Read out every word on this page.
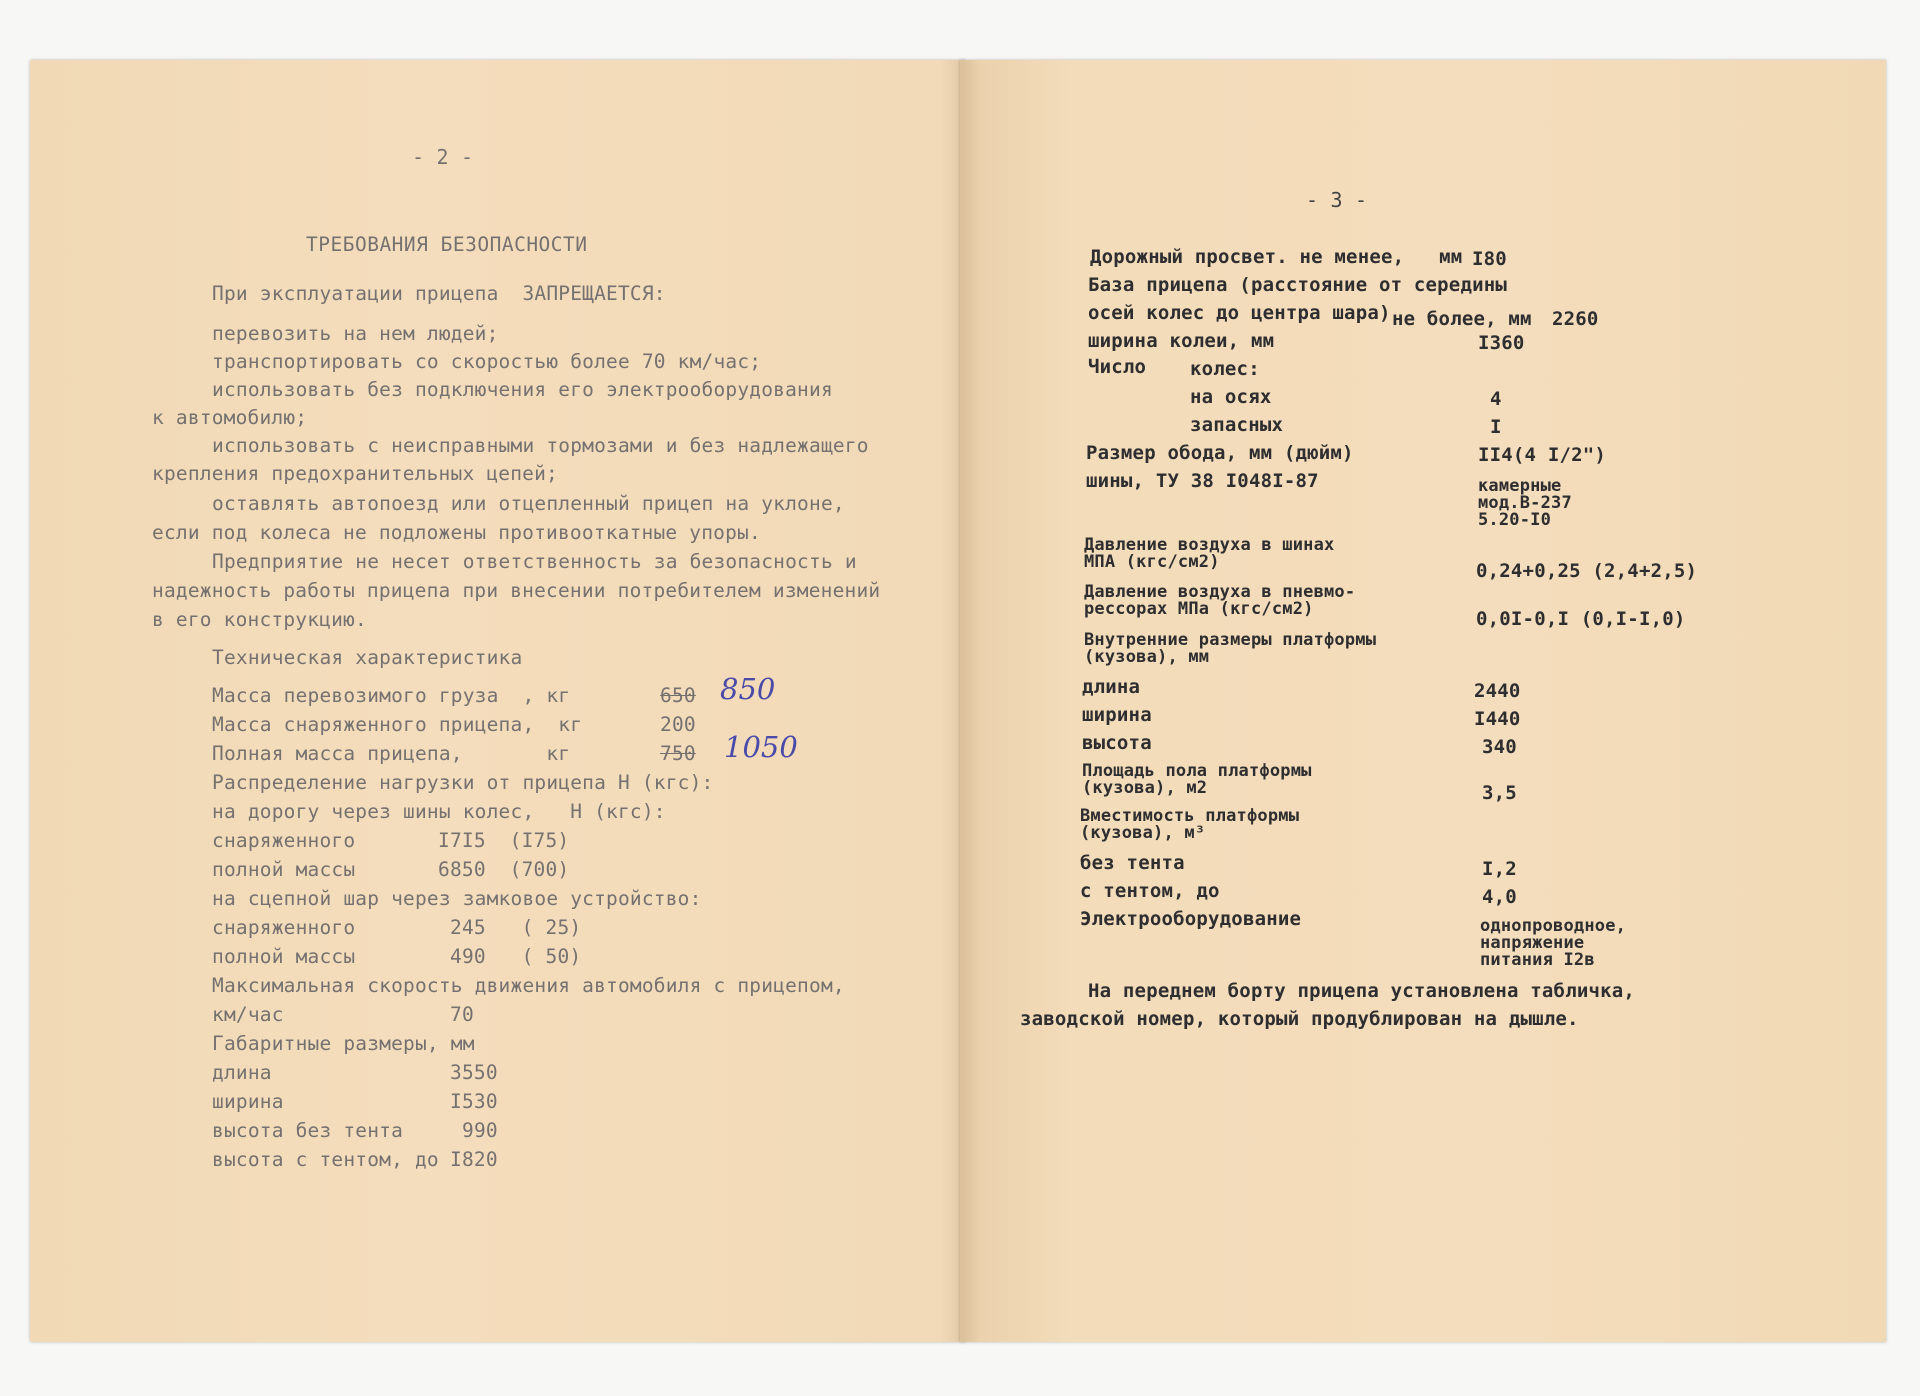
- 2 -
ТРЕБОВАНИЯ БЕЗОПАСНОСТИ
При эксплуатации прицепа  ЗАПРЕЩАЕТСЯ:
перевозить на нем людей;
транспортировать со скоростью более 70 км/час;
использовать без подключения его электрооборудования
к автомобилю;
использовать с неисправными тормозами и без надлежащего
крепления предохранительных цепей;
оставлять автопоезд или отцепленный прицеп на уклоне,
если под колеса не подложены противооткатные упоры.
Предприятие не несет ответственность за безопасность и
надежность работы прицепа при внесении потребителем изменений
в его конструкцию.
Техническая характеристика
Масса перевозимого груза  , кг	650 850
Масса снаряженного прицепа,  кг	200
Полная масса прицепа,       кг	750 1050
Распределение нагрузки от прицепа Н (кгс):
на дорогу через шины колес,   Н (кгс):
снаряженного	I7I5  (I75)
полной массы	6850  (700)
на сцепной шар через замковое устройство:
снаряженного	245   ( 25)
полной массы	490   ( 50)
Максимальная скорость движения автомобиля с прицепом,
км/час	70
Габаритные размеры, мм
длина	3550
ширина	I530
высота без тента	990
высота с тентом, до I820
- 3 -
Дорожный просвет. не менее,   мм I80
База прицепа (расстояние от середины
осей колес до центра шара) не более, мм 2260
ширина колеи, мм	I360
Число колес:
на осях	4
запасных	I
Размер обода, мм (дюйм)	II4(4 I/2")
шины, ТУ 38 I048I-87	камерные
мод.В-237
5.20-I0
Давление воздуха в шинах
МПА (кгс/см2)	0,24+0,25 (2,4+2,5)
Давление воздуха в пневмо-
рессорах МПа (кгс/см2)	0,0I-0,I (0,I-I,0)
Внутренние размеры платформы
(кузова), мм
длина	2440
ширина	I440
высота	340
Площадь пола платформы
(кузова), м2	3,5
Вместимость платформы
(кузова), м³
без тента	I,2
с тентом, до	4,0
Электрооборудование	однопроводное,
напряжение
питания I2в
На переднем борту прицепа установлена табличка,
заводской номер, который продублирован на дышле.
